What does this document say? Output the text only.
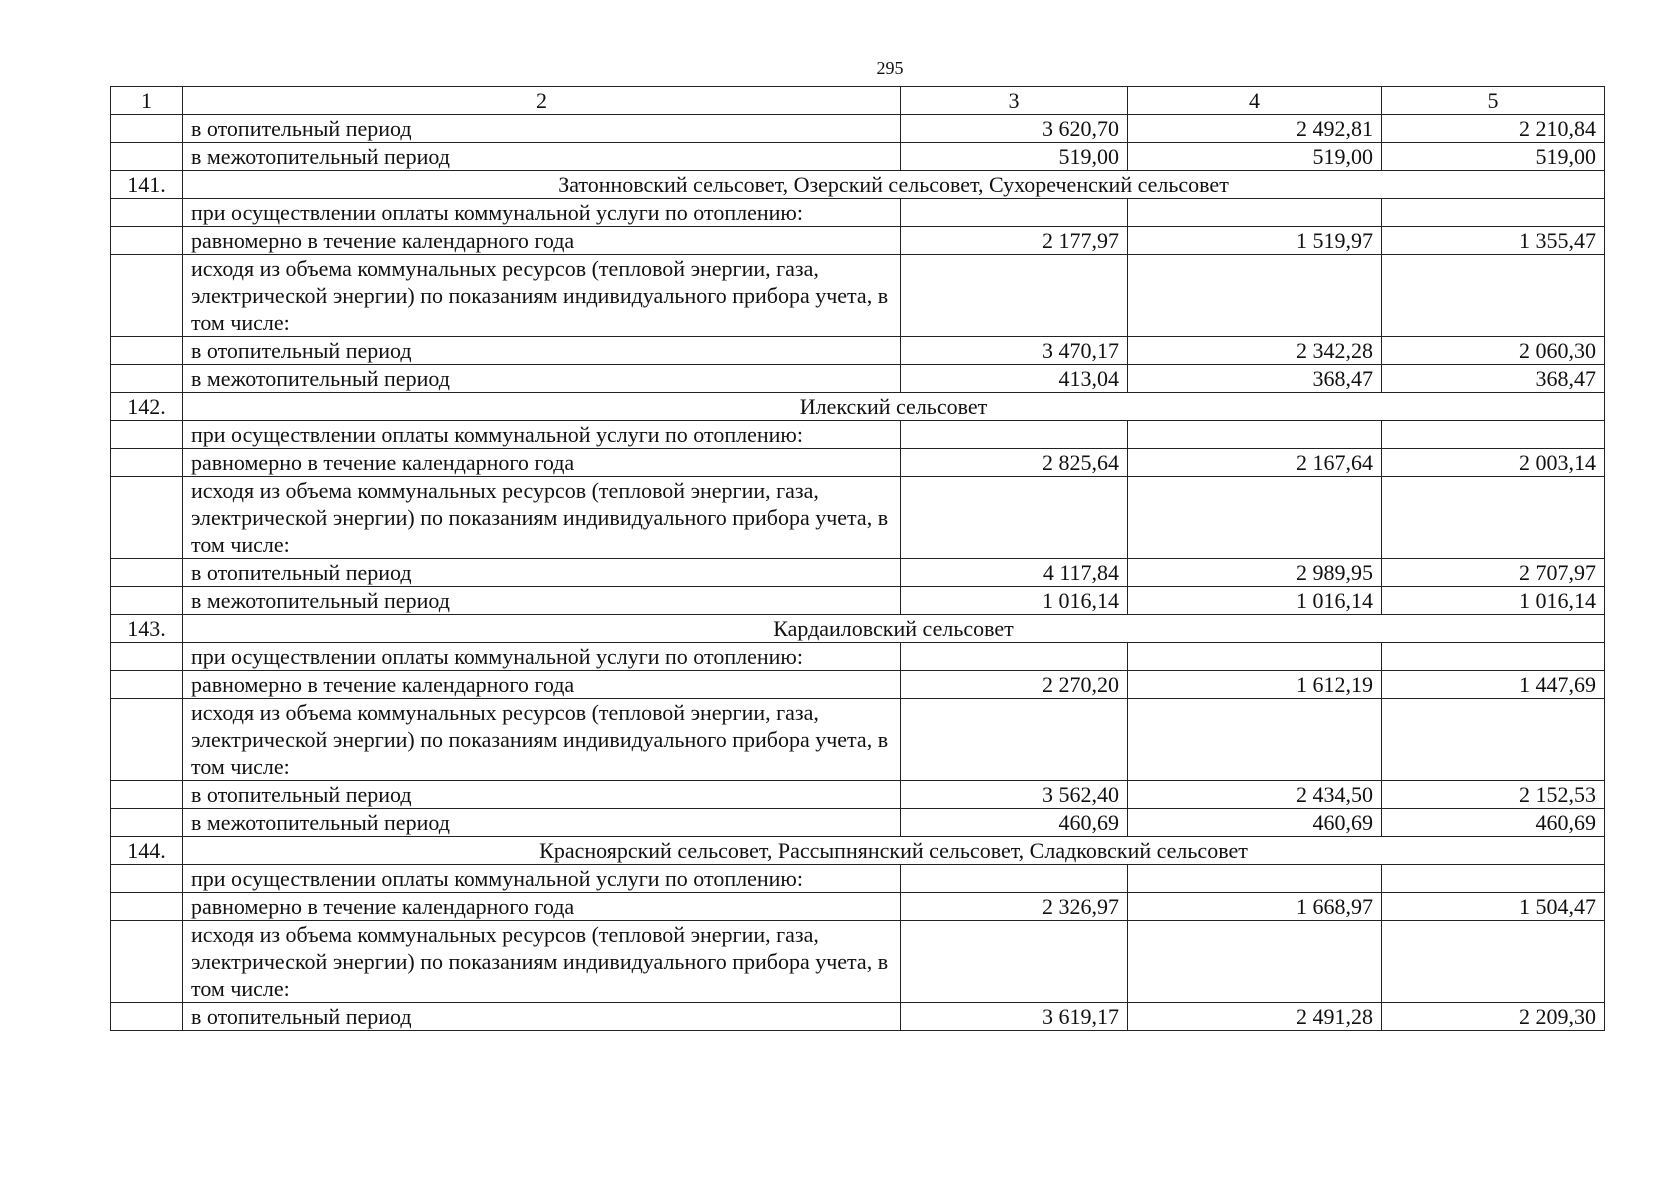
295
1	2	3	4	5
	в отопительный период	3 620,70	2 492,81	2 210,84
	в межотопительный период	519,00	519,00	519,00
141.	Затонновский сельсовет, Озерский сельсовет, Сухореченский сельсовет			
	при осуществлении оплаты коммунальной услуги по отоплению:			
	равномерно в течение календарного года	2 177,97	1 519,97	1 355,47
	исходя из объема коммунальных ресурсов (тепловой энергии, газа, электрической энергии) по показаниям индивидуального прибора учета, в том числе:			
	в отопительный период	3 470,17	2 342,28	2 060,30
	в межотопительный период	413,04	368,47	368,47
142.	Илекский сельсовет			
	при осуществлении оплаты коммунальной услуги по отоплению:			
	равномерно в течение календарного года	2 825,64	2 167,64	2 003,14
	исходя из объема коммунальных ресурсов (тепловой энергии, газа, электрической энергии) по показаниям индивидуального прибора учета, в том числе:			
	в отопительный период	4 117,84	2 989,95	2 707,97
	в межотопительный период	1 016,14	1 016,14	1 016,14
143.	Кардаиловский сельсовет			
	при осуществлении оплаты коммунальной услуги по отоплению:			
	равномерно в течение календарного года	2 270,20	1 612,19	1 447,69
	исходя из объема коммунальных ресурсов (тепловой энергии, газа, электрической энергии) по показаниям индивидуального прибора учета, в том числе:			
	в отопительный период	3 562,40	2 434,50	2 152,53
	в межотопительный период	460,69	460,69	460,69
144.	Красноярский сельсовет, Рассыпнянский сельсовет, Сладковский сельсовет			
	при осуществлении оплаты коммунальной услуги по отоплению:			
	равномерно в течение календарного года	2 326,97	1 668,97	1 504,47
	исходя из объема коммунальных ресурсов (тепловой энергии, газа, электрической энергии) по показаниям индивидуального прибора учета, в том числе:			
	в отопительный период	3 619,17	2 491,28	2 209,30
